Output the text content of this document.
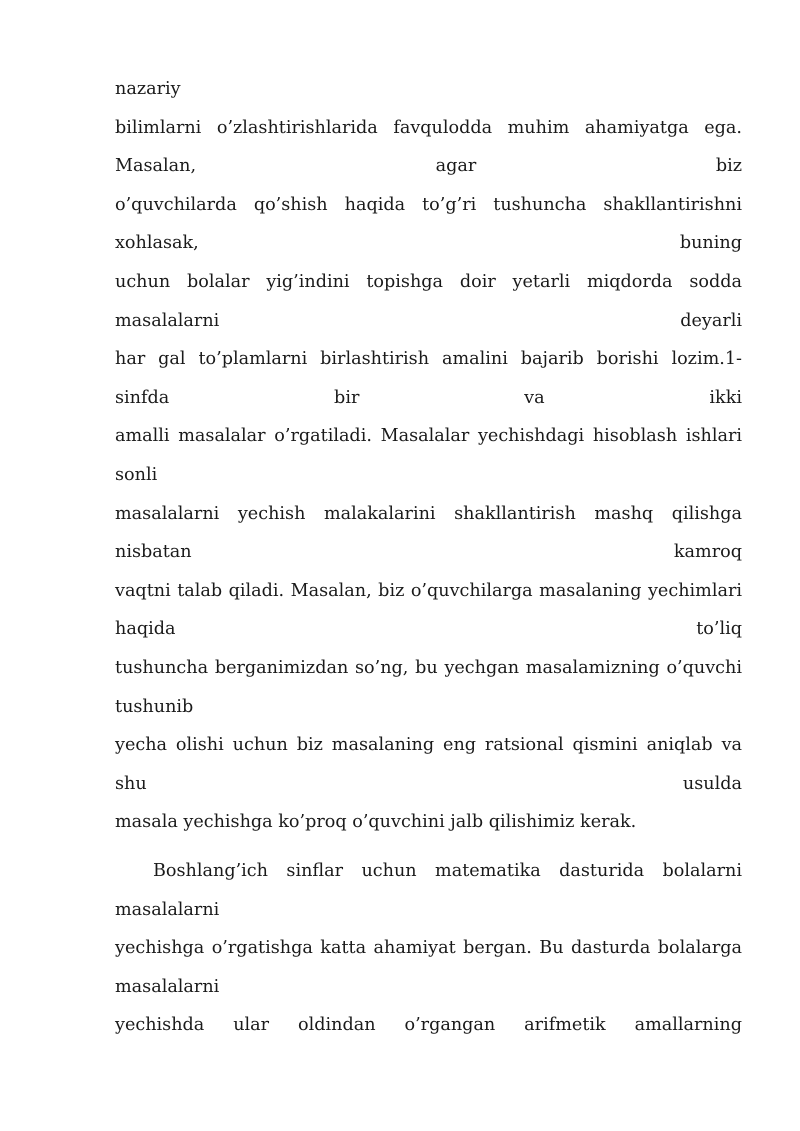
nazariy
bilimlarni o’zlashtirishlarida favqulodda muhim ahamiyatga ega.
Masalan, agar biz
o’quvchilarda qo’shish haqida to’g’ri tushuncha shakllantirishni
xohlasak, buning
uchun bolalar yig’indini topishga doir yetarli miqdorda sodda
masalalarni deyarli
har gal to’plamlarni birlashtirish amalini bajarib borishi lozim.1-
sinfda bir va ikki
amalli masalalar o’rgatiladi. Masalalar yechishdagi hisoblash ishlari
sonli
masalalarni yechish malakalarini shakllantirish mashq qilishga
nisbatan kamroq
vaqtni talab qiladi. Masalan, biz o’quvchilarga masalaning yechimlari
haqida to’liq
tushuncha berganimizdan so’ng, bu yechgan masalamizning o’quvchi
tushunib
yecha olishi uchun biz masalaning eng ratsional qismini aniqlab va
shu usulda
masala yechishga ko’proq o’quvchini jalb qilishimiz kerak.
Boshlang’ich sinflar uchun matematika dasturida bolalarni
masalalarni
yechishga o’rgatishga katta ahamiyat bergan. Bu dasturda bolalarga
masalalarni
yechishda ular oldindan o’rgangan arifmetik amallarning
